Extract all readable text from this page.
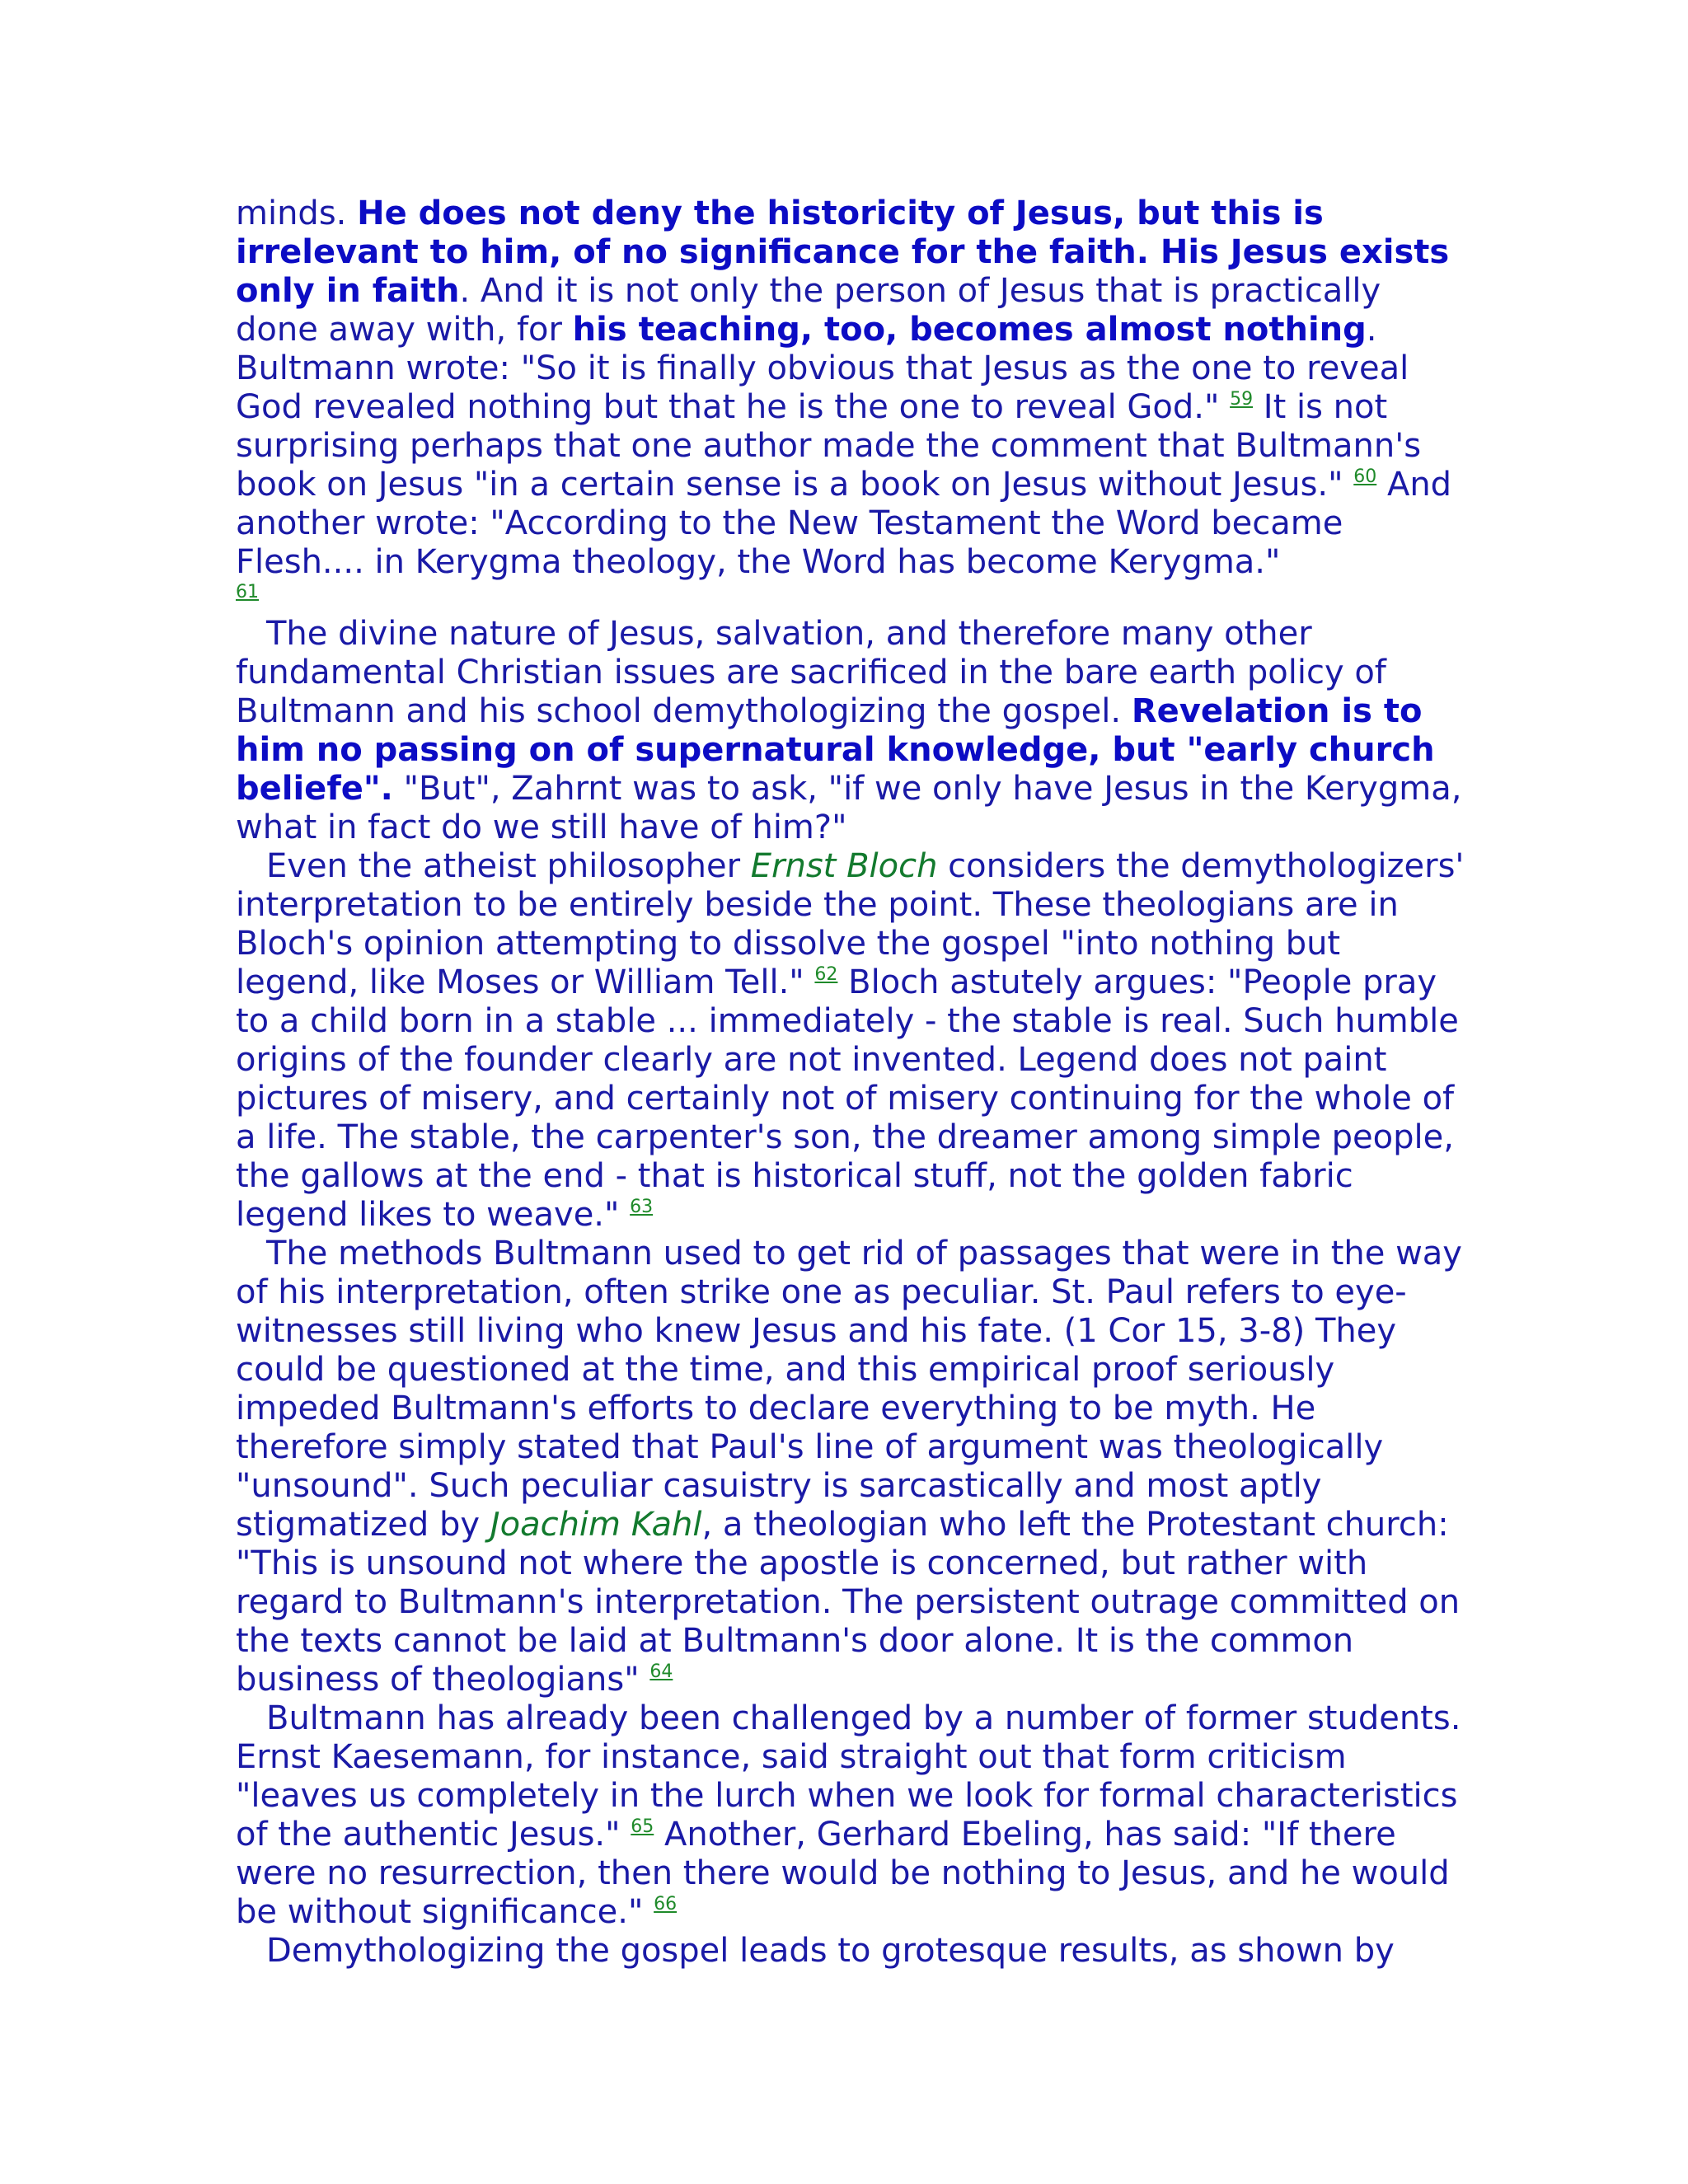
minds. He does not deny the historicity of Jesus, but this is irrelevant to him, of no significance for the faith. His Jesus exists only in faith. And it is not only the person of Jesus that is practically done away with, for his teaching, too, becomes almost nothing. Bultmann wrote: "So it is finally obvious that Jesus as the one to reveal God revealed nothing but that he is the one to reveal God." $^{59}$ It is not surprising perhaps that one author made the comment that Bultmann's book on Jesus "in a certain sense is a book on Jesus without Jesus." $^{60}$ And another wrote: "According to the New Testament the Word became Flesh.... in Kerygma theology, the Word has become Kerygma."
61

The divine nature of Jesus, salvation, and therefore many other fundamental Christian issues are sacrificed in the bare earth policy of Bultmann and his school demythologizing the gospel. Revelation is to him no passing on of supernatural knowledge, but "early church beliefe". "But", Zahrnt was to ask, "if we only have Jesus in the Kerygma, what in fact do we still have of him?"

Even the atheist philosopher Ernst Bloch considers the demythologizers' interpretation to be entirely beside the point. These theologians are in Bloch's opinion attempting to dissolve the gospel "into nothing but legend, like Moses or William Tell." $^{62}$ Bloch astutely argues: "People pray to a child born in a stable ... immediately - the stable is real. Such humble origins of the founder clearly are not invented. Legend does not paint pictures of misery, and certainly not of misery continuing for the whole of a life. The stable, the carpenter's son, the dreamer among simple people, the gallows at the end - that is historical stuff, not the golden fabric legend likes to weave." $^{63}$

The methods Bultmann used to get rid of passages that were in the way of his interpretation, often strike one as peculiar. St. Paul refers to eye-witnesses still living who knew Jesus and his fate. (1 Cor 15, 3-8) They could be questioned at the time, and this empirical proof seriously impeded Bultmann's efforts to declare everything to be myth. He therefore simply stated that Paul's line of argument was theologically "unsound". Such peculiar casuistry is sarcastically and most aptly stigmatized by Joachim Kahl, a theologian who left the Protestant church: "This is unsound not where the apostle is concerned, but rather with regard to Bultmann's interpretation. The persistent outrage committed on the texts cannot be laid at Bultmann's door alone. It is the common business of theologians" $^{64}$

Bultmann has already been challenged by a number of former students. Ernst Kaesemann, for instance, said straight out that form criticism "leaves us completely in the lurch when we look for formal characteristics of the authentic Jesus." $^{65}$ Another, Gerhard Ebeling, has said: "If there were no resurrection, then there would be nothing to Jesus, and he would be without significance." $^{66}$

Demythologizing the gospel leads to grotesque results, as shown by
